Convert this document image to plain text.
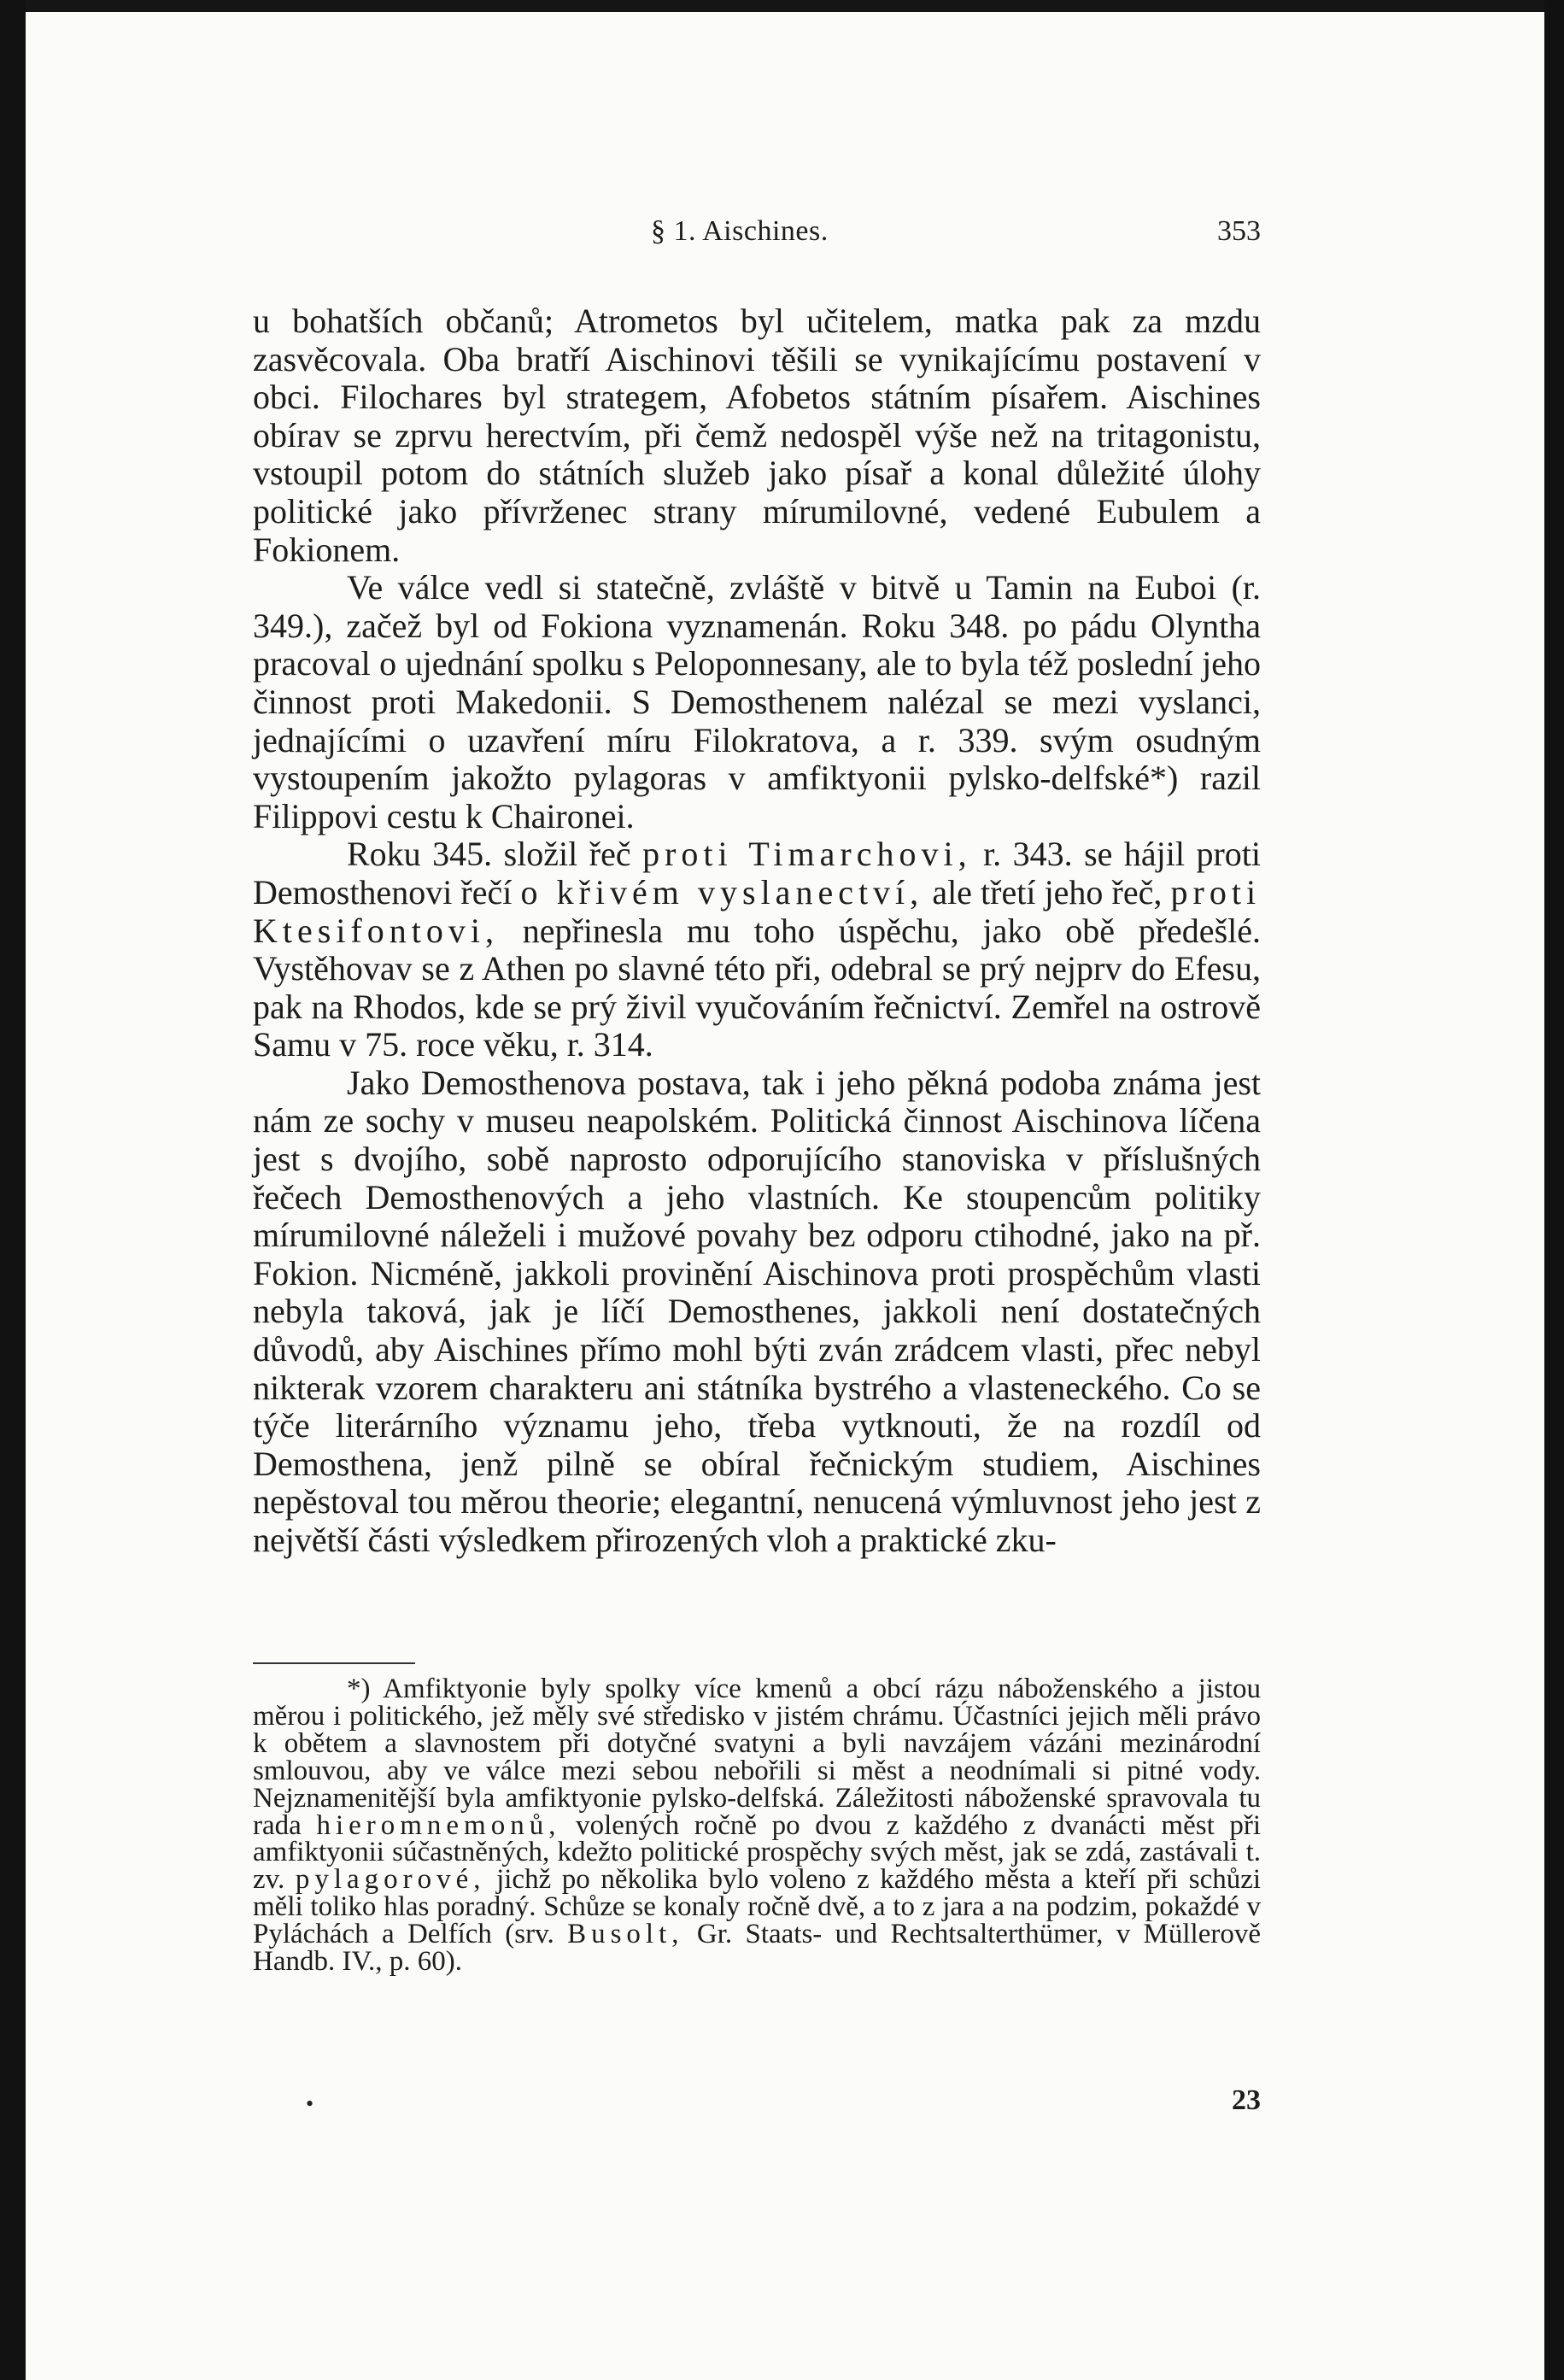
§ 1. Aischines.	353

u bohatších občanů; Atrometos byl učitelem, matka pak za mzdu zasvěcovala. Oba bratří Aischinovi těšili se vynikajícímu postavení v obci. Filochares byl strategem, Afobetos státním písařem. Aischines obírav se zprvu herectvím, při čemž nedospěl výše než na tritagonistu, vstoupil potom do státních služeb jako písař a konal důležité úlohy politické jako přívrženec strany mírumilovné, vedené Eubulem a Fokionem.

Ve válce vedl si statečně, zvláště v bitvě u Tamin na Euboi (r. 349.), začež byl od Fokiona vyznamenán. Roku 348. po pádu Olyntha pracoval o ujednání spolku s Peloponnesany, ale to byla též poslední jeho činnost proti Makedonii. S Demosthenem nalézal se mezi vyslanci, jednajícími o uzavření míru Filokratova, a r. 339. svým osudným vystoupením jakožto pylagoras v amfiktyonii pylsko-delfské*) razil Filippovi cestu k Chaironei.

Roku 345. složil řeč proti Timarchovi, r. 343. se hájil proti Demosthenovi řečí o křivém vyslanectví, ale třetí jeho řeč, proti Ktesifontovi, nepřinesla mu toho úspěchu, jako obě předešlé. Vystěhovav se z Athen po slavné této při, odebral se prý nejprv do Efesu, pak na Rhodos, kde se prý živil vyučováním řečnictví. Zemřel na ostrově Samu v 75. roce věku, r. 314.

Jako Demosthenova postava, tak i jeho pěkná podoba známa jest nám ze sochy v museu neapolském. Politická činnost Aischinova líčena jest s dvojího, sobě naprosto odporujícího stanoviska v příslušných řečech Demosthenových a jeho vlastních. Ke stoupencům politiky mírumilovné náleželi i mužové povahy bez odporu ctihodné, jako na př. Fokion. Nicméně, jakkoli provinění Aischinova proti prospěchům vlasti nebyla taková, jak je líčí Demosthenes, jakkoli není dostatečných důvodů, aby Aischines přímo mohl býti zván zrádcem vlasti, přec nebyl nikterak vzorem charakteru ani státníka bystrého a vlasteneckého. Co se týče literárního významu jeho, třeba vytknouti, že na rozdíl od Demosthena, jenž pilně se obíral řečnickým studiem, Aischines nepěstoval tou měrou theorie; elegantní, nenucená výmluvnost jeho jest z největší části výsledkem přirozených vloh a praktické zku-

*) Amfiktyonie byly spolky více kmenů a obcí rázu náboženského a jistou měrou i politického, jež měly své středisko v jistém chrámu. Účastníci jejich měli právo k obětem a slavnostem při dotyčné svatyni a byli navzájem vázáni mezinárodní smlouvou, aby ve válce mezi sebou nebořili si měst a neodnímali si pitné vody. Nejznamenitější byla amfiktyonie pylsko-delfská. Záležitosti náboženské spravovala tu rada hieromnemonů, volených ročně po dvou z každého z dvanácti měst při amfiktyonii súčastněných, kdežto politické prospěchy svých měst, jak se zdá, zastávali t. zv. pylagorové, jichž po několika bylo voleno z každého města a kteří při schůzi měli toliko hlas poradný. Schůze se konaly ročně dvě, a to z jara a na podzim, pokaždé v Pyláchách a Delfích (srv. Busolt, Gr. Staats- und Rechtsalterthümer, v Müllerově Handb. IV., p. 60).

•	23
